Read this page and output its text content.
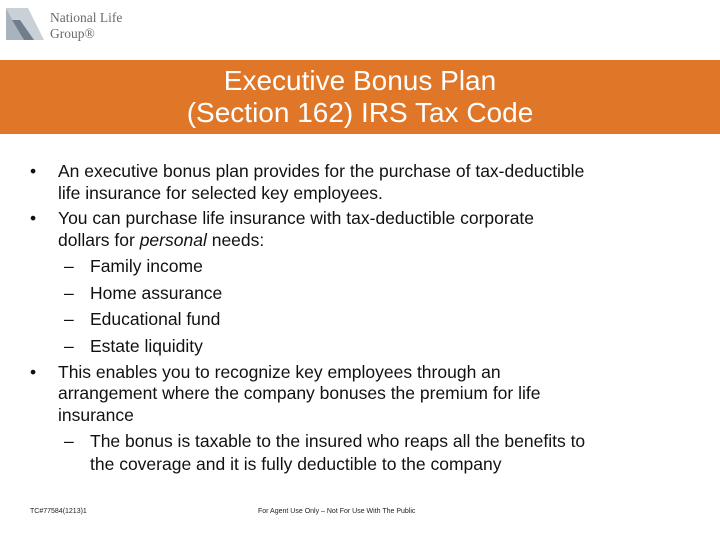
National Life
Group®
Executive Bonus Plan
(Section 162) IRS Tax Code
• An executive bonus plan provides for the purchase of tax-deductible
life insurance for selected key employees.
• You can purchase life insurance with tax-deductible corporate
dollars for personal needs:
– Family income
– Home assurance
– Educational fund
– Estate liquidity
• This enables you to recognize key employees through an
arrangement where the company bonuses the premium for life
insurance
– The bonus is taxable to the insured who reaps all the benefits to
the coverage and it is fully deductible to the company
TC#77584(1213)1	For Agent Use Only – Not For Use With The Public
